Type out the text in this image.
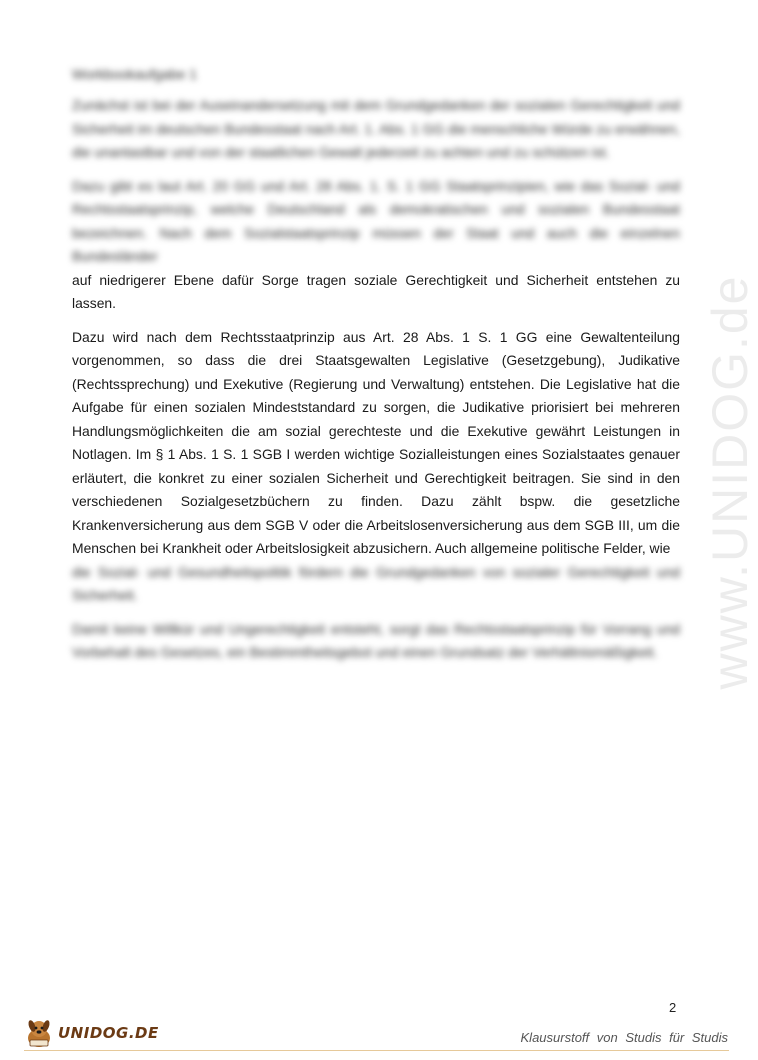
www.UNIDOG.de
Workbookaufgabe 1

Zunächst ist bei der Auseinandersetzung mit dem Grundgedanken der sozialen Gerechtigkeit und Sicherheit im deutschen Bundesstaat nach Art. 1. Abs. 1 GG die menschliche Würde zu erwähnen, die unantastbar und von der staatlichen Gewalt jederzeit zu achten und zu schützen ist.

Dazu gibt es laut Art. 20 GG und Art. 28 Abs. 1. S. 1 GG Staatsprinzipien, wie das Sozial- und Rechtsstaatsprinzip, welche Deutschland als demokratischen und sozialen Bundesstaat bezeichnen. Nach dem Sozialstaatsprinzip müssen der Staat und auch die einzelnen Bundesländer
auf niedrigerer Ebene dafür Sorge tragen soziale Gerechtigkeit und Sicherheit entstehen zu lassen.

Dazu wird nach dem Rechtsstaatprinzip aus Art. 28 Abs. 1 S. 1 GG eine Gewaltenteilung vorgenommen, so dass die drei Staatsgewalten Legislative (Gesetzgebung), Judikative (Rechtssprechung) und Exekutive (Regierung und Verwaltung) entstehen. Die Legislative hat die Aufgabe für einen sozialen Mindeststandard zu sorgen, die Judikative priorisiert bei mehreren Handlungsmöglichkeiten die am sozial gerechteste und die Exekutive gewährt Leistungen in Notlagen. Im § 1 Abs. 1 S. 1 SGB I werden wichtige Sozialleistungen eines Sozialstaates genauer erläutert, die konkret zu einer sozialen Sicherheit und Gerechtigkeit beitragen. Sie sind in den verschiedenen Sozialgesetzbüchern zu finden. Dazu zählt bspw. die gesetzliche Krankenversicherung aus dem SGB V oder die Arbeitslosenversicherung aus dem SGB III, um die Menschen bei Krankheit oder Arbeitslosigkeit abzusichern. Auch allgemeine politische Felder, wie
die Sozial- und Gesundheitspolitik fördern die Grundgedanken von sozialer Gerechtigkeit und Sicherheit.

Damit keine Willkür und Ungerechtigkeit entsteht, sorgt das Rechtsstaatsprinzip für Vorrang und Vorbehalt des Gesetzes, ein Bestimmtheitsgebot und einen Grundsatz der Verhältnismäßigkeit.

2
UNIDOG.DE	Klausurstoff von Studis für Studis
